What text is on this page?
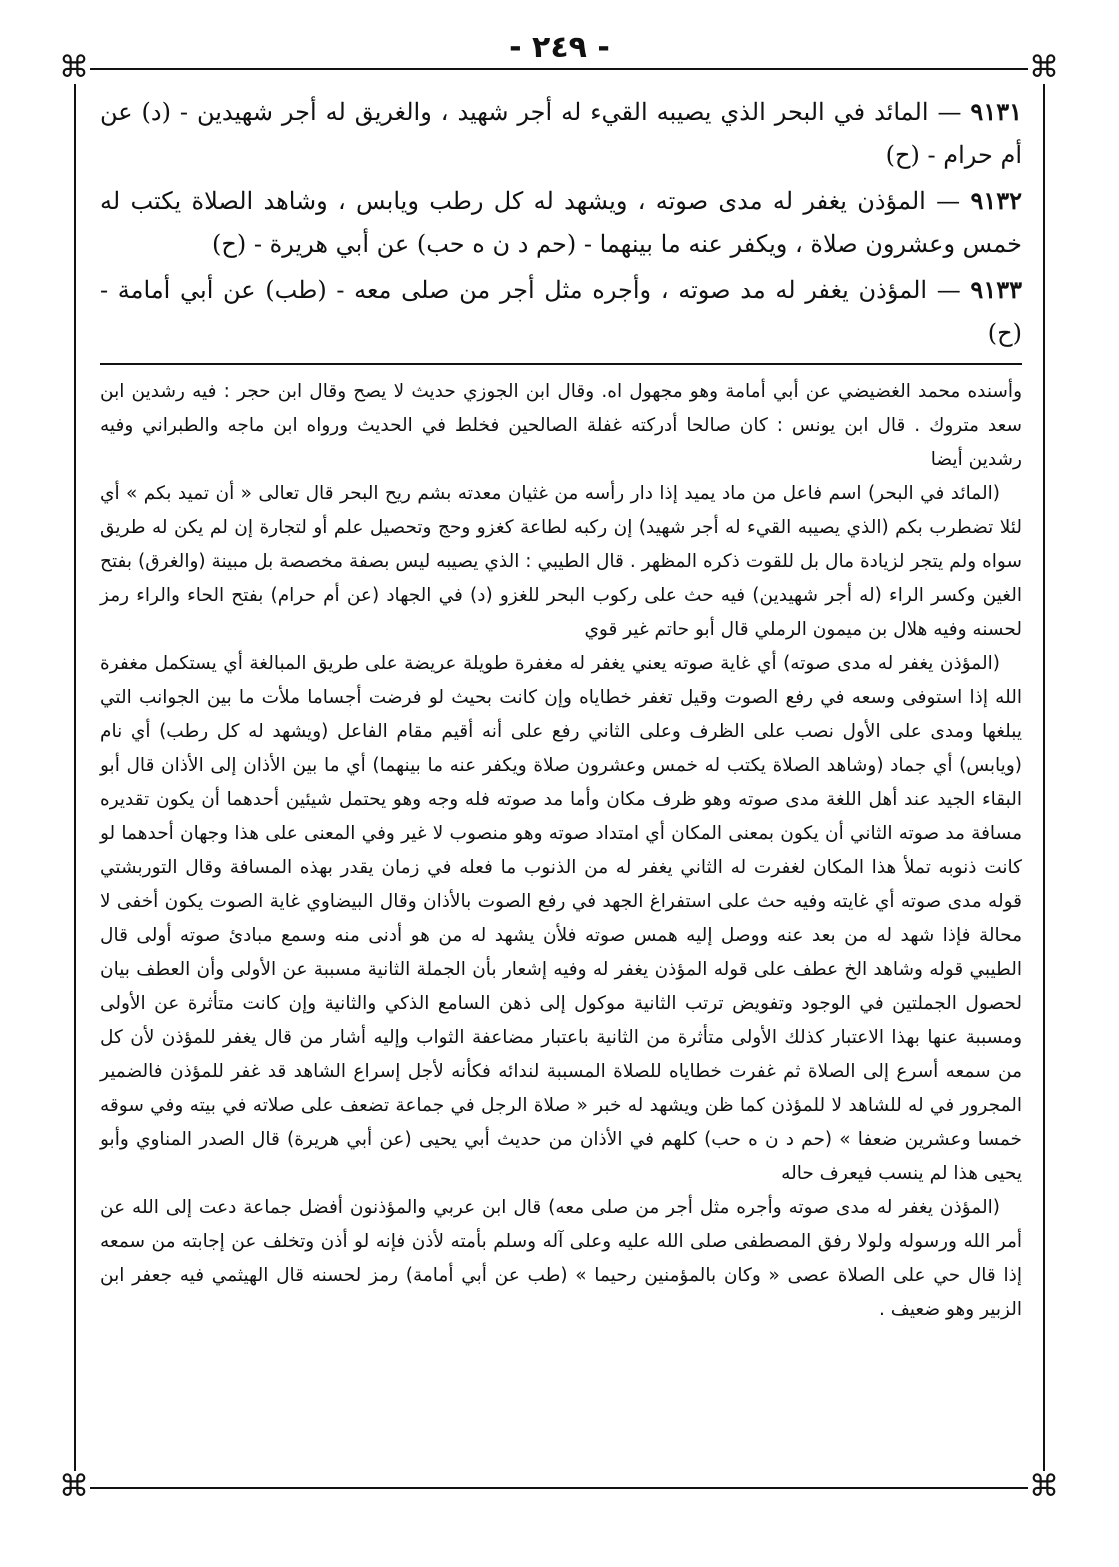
- ٢٤٩ -
⌘	⌘
⌘	⌘

٩١٣١ — المائد في البحر الذي يصيبه القيء له أجر شهيد ، والغريق له أجر شهيدين - (د) عن أم حرام - (ح)

٩١٣٢ — المؤذن يغفر له مدى صوته ، ويشهد له كل رطب ويابس ، وشاهد الصلاة يكتب له خمس وعشرون صلاة ، ويكفر عنه ما بينهما - (حم د ن ه حب) عن أبي هريرة - (ح)

٩١٣٣ — المؤذن يغفر له مد صوته ، وأجره مثل أجر من صلى معه - (طب) عن أبي أمامة - (ح)

وأسنده محمد الغضيضي عن أبي أمامة وهو مجهول اه. وقال ابن الجوزي حديث لا يصح وقال ابن حجر : فيه رشدين ابن سعد متروك . قال ابن يونس : كان صالحا أدركته غفلة الصالحين فخلط في الحديث ورواه ابن ماجه والطبراني وفيه رشدين أيضا

(المائد في البحر) اسم فاعل من ماد يميد إذا دار رأسه من غثيان معدته بشم ريح البحر قال تعالى « أن تميد بكم » أي لئلا تضطرب بكم (الذي يصيبه القيء له أجر شهيد) إن ركبه لطاعة كغزو وحج وتحصيل علم أو لتجارة إن لم يكن له طريق سواه ولم يتجر لزيادة مال بل للقوت ذكره المظهر . قال الطيبي : الذي يصيبه ليس بصفة مخصصة بل مبينة (والغرق) بفتح الغين وكسر الراء (له أجر شهيدين) فيه حث على ركوب البحر للغزو (د) في الجهاد (عن أم حرام) بفتح الحاء والراء رمز لحسنه وفيه هلال بن ميمون الرملي قال أبو حاتم غير قوي

(المؤذن يغفر له مدى صوته) أي غاية صوته يعني يغفر له مغفرة طويلة عريضة على طريق المبالغة أي يستكمل مغفرة الله إذا استوفى وسعه في رفع الصوت وقيل تغفر خطاياه وإن كانت بحيث لو فرضت أجساما ملأت ما بين الجوانب التي يبلغها ومدى على الأول نصب على الظرف وعلى الثاني رفع على أنه أقيم مقام الفاعل (ويشهد له كل رطب) أي نام (ويابس) أي جماد (وشاهد الصلاة يكتب له خمس وعشرون صلاة ويكفر عنه ما بينهما) أي ما بين الأذان إلى الأذان قال أبو البقاء الجيد عند أهل اللغة مدى صوته وهو ظرف مكان وأما مد صوته فله وجه وهو يحتمل شيئين أحدهما أن يكون تقديره مسافة مد صوته الثاني أن يكون بمعنى المكان أي امتداد صوته وهو منصوب لا غير وفي المعنى على هذا وجهان أحدهما لو كانت ذنوبه تملأ هذا المكان لغفرت له الثاني يغفر له من الذنوب ما فعله في زمان يقدر بهذه المسافة وقال التوربشتي قوله مدى صوته أي غايته وفيه حث على استفراغ الجهد في رفع الصوت بالأذان وقال البيضاوي غاية الصوت يكون أخفى لا محالة فإذا شهد له من بعد عنه ووصل إليه همس صوته فلأن يشهد له من هو أدنى منه وسمع مبادئ صوته أولى قال الطيبي قوله وشاهد الخ عطف على قوله المؤذن يغفر له وفيه إشعار بأن الجملة الثانية مسببة عن الأولى وأن العطف بيان لحصول الجملتين في الوجود وتفويض ترتب الثانية موكول إلى ذهن السامع الذكي والثانية وإن كانت متأثرة عن الأولى ومسببة عنها بهذا الاعتبار كذلك الأولى متأثرة من الثانية باعتبار مضاعفة الثواب وإليه أشار من قال يغفر للمؤذن لأن كل من سمعه أسرع إلى الصلاة ثم غفرت خطاياه للصلاة المسببة لندائه فكأنه لأجل إسراع الشاهد قد غفر للمؤذن فالضمير المجرور في له للشاهد لا للمؤذن كما ظن ويشهد له خبر « صلاة الرجل في جماعة تضعف على صلاته في بيته وفي سوقه خمسا وعشرين ضعفا » (حم د ن ه حب) كلهم في الأذان من حديث أبي يحيى (عن أبي هريرة) قال الصدر المناوي وأبو يحيى هذا لم ينسب فيعرف حاله

(المؤذن يغفر له مدى صوته وأجره مثل أجر من صلى معه) قال ابن عربي والمؤذنون أفضل جماعة دعت إلى الله عن أمر الله ورسوله ولولا رفق المصطفى صلى الله عليه وعلى آله وسلم بأمته لأذن فإنه لو أذن وتخلف عن إجابته من سمعه إذا قال حي على الصلاة عصى « وكان بالمؤمنين رحيما » (طب عن أبي أمامة) رمز لحسنه قال الهيثمي فيه جعفر ابن الزبير وهو ضعيف .
